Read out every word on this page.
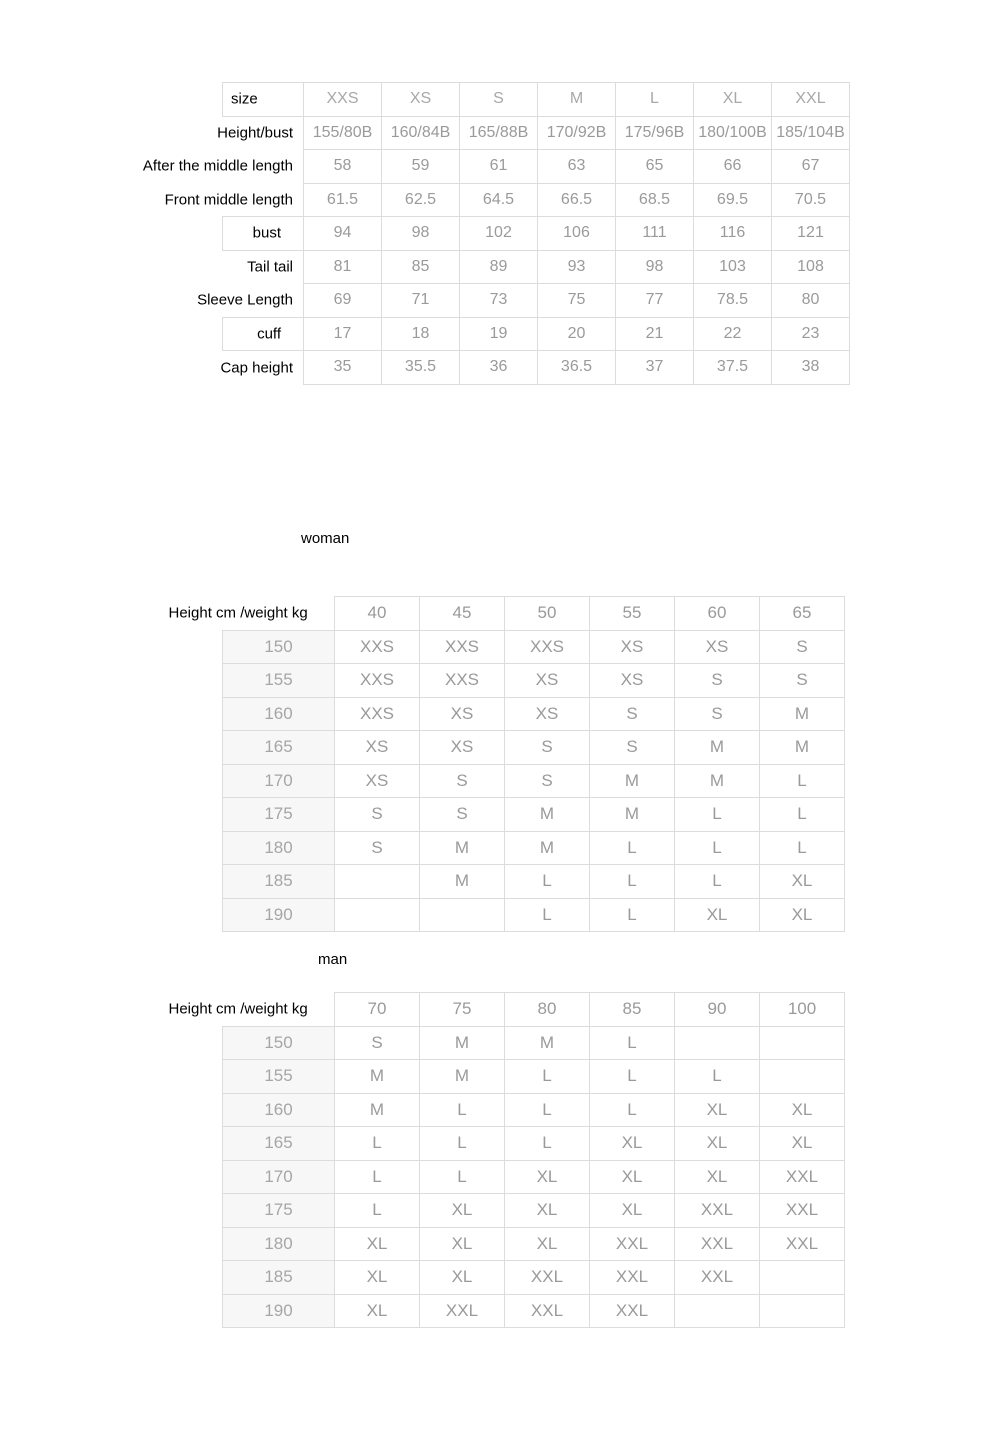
size	XXS	XS	S	M	L	XL	XXL

Height/bust	155/80B	160/84B	165/88B	170/92B	175/96B	180/100B	185/104B

After the middle length	58	59	61	63	65	66	67

Front middle length	61.5	62.5	64.5	66.5	68.5	69.5	70.5

bust	94	98	102	106	111	116	121

Tail tail	81	85	89	93	98	103	108

Sleeve Length	69	71	73	75	77	78.5	80

cuff	17	18	19	20	21	22	23

Cap height	35	35.5	36	36.5	37	37.5	38
woman
Height cm /weight kg	40	45	50	55	60	65
150	XXS	XXS	XXS	XS	XS	S
155	XXS	XXS	XS	XS	S	S
160	XXS	XS	XS	S	S	M
165	XS	XS	S	S	M	M
170	XS	S	S	M	M	L
175	S	S	M	M	L	L
180	S	M	M	L	L	L
185		M	L	L	L	XL
190			L	L	XL	XL
man
Height cm /weight kg	70	75	80	85	90	100
150	S	M	M	L		
155	M	M	L	L	L	
160	M	L	L	L	XL	XL
165	L	L	L	XL	XL	XL
170	L	L	XL	XL	XL	XXL
175	L	XL	XL	XL	XXL	XXL
180	XL	XL	XL	XXL	XXL	XXL
185	XL	XL	XXL	XXL	XXL	
190	XL	XXL	XXL	XXL		
